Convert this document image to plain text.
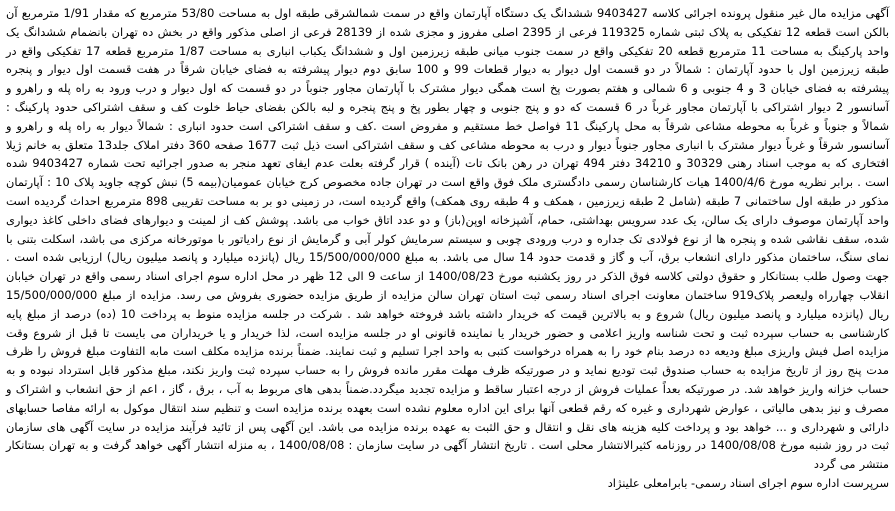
آگهی مزایده مال غیر منقول پرونده اجرائی کلاسه 9403427 ششدانگ یک دستگاه آپارتمان واقع در سمت شمالشرقی طبقه اول به مساحت 53/80 مترمربع که مقدار 1/91 مترمربع آن بالکن است قطعه 12 تفکیکی به پلاک ثبتی شماره 119325 فرعی از 2395 اصلی مفروز و مجزی شده از 28139 فرعی از اصلی مذکور واقع در بخش ده تهران بانضمام ششدانگ یک واحد پارکینگ به مساحت 11 مترمربع قطعه 20 تفکیکی واقع در سمت جنوب میانی طبقه زیرزمین اول و ششدانگ یکباب انباری به مساحت 1/87 مترمربع قطعه 17 تفکیکی واقع در طبقه زیرزمین اول با حدود آپارتمان : شمالاً در دو قسمت اول دیوار به دیوار قطعات 99 و 100 سابق دوم دیوار پیشرفته به فضای خیابان شرقاً در هفت قسمت اول دیوار و پنجره پیشرفته به فضای خیابان 3 و 4 جنوبی و 6 شمالی و هفتم بصورت پخ است همگی دیوار مشترک با آپارتمان مجاور جنوباً در دو قسمت که اول دیوار و درب ورود به راه پله و راهرو و آسانسور 2 دیوار اشتراکی با آپارتمان مجاور غرباً در 6 قسمت که دو و پنج جنوبی و چهار بطور پخ و پنج پنجره و لبه بالکن بفضای حیاط خلوت کف و سقف اشتراکی حدود پارکینگ : شمالاً و جنوباً و غرباً به محوطه مشاعی شرقاً به محل پارکینگ 11 فواصل خط مستقیم و مفروض است .کف و سقف اشتراکی است حدود انباری : شمالاً دیوار به راه پله و راهرو و آسانسور شرقاً و غرباً دیوار مشترک با انباری مجاور جنوباً دیوار و درب به محوطه مشاعی کف و سقف اشتراکی است ذیل ثبت 1677 صفحه 360 دفتر املاک جلد13 متعلق به خانم ژیلا افتخاری که به موجب اسناد رهنی 30329 و 34210 دفتر 494 تهران در رهن بانک تات (آینده ) قرار گرفته بعلت عدم ایفای تعهد منجر به صدور اجرائیه تحت شماره 9403427 شده است . برابر نظریه مورخ 1400/4/6 هیات کارشناسان رسمی دادگستری ملک فوق واقع است در تهران جاده مخصوص کرج خیابان عمومیان(بیمه 5) نبش کوچه جاوید پلاک 10 : آپارتمان مذکور در طبقه اول ساختمانی 7 طبقه (شامل 2 طبقه زیرزمین ، همکف و 4 طبقه روی همکف) واقع گردیده است، در زمینی دو بر به مساحت تقریبی 898 مترمربع احداث گردیده است واحد آپارتمان موصوف دارای یک سالن، یک عدد سرویس بهداشتی، حمام، آشپزخانه اوپن(باز) و دو عدد اتاق خواب می باشد. پوشش کف از لمینت و دیوارهای فضای داخلی کاغذ دیواری شده، سقف نقاشی شده و پنجره ها از نوع فولادی تک جداره و درب ورودی چوبی و سیستم سرمایش کولر آبی و گرمایش از نوع رادیاتور با موتورخانه مرکزی می باشد، اسکلت بتنی با نمای سنگ، ساختمان مذکور دارای انشعاب برق، آب و گاز و قدمت حدود 14 سال می باشد. به مبلغ 15/500/000/000 ریال (پانزده میلیارد و پانصد میلیون ریال) ارزیابی شده است . جهت وصول طلب بستانکار و حقوق دولتی کلاسه فوق الذکر در روز یکشنبه مورخ 1400/08/23 از ساعت 9 الی 12 ظهر در محل اداره سوم اجرای اسناد رسمی واقع در تهران خیابان انقلاب چهارراه ولیعصر پلاک919 ساختمان معاونت اجرای اسناد رسمی ثبت استان تهران سالن مزایده از طریق مزایده حضوری بفروش می رسد. مزایده از مبلغ 15/500/000/000 ریال (پانزده میلیارد و پانصد میلیون ریال) شروع و به بالاترین قیمت که خریدار داشته باشد فروخته خواهد شد . شرکت در جلسه مزایده منوط به پرداخت 10 (ده) درصد از مبلغ پایه کارشناسی به حساب سپرده ثبت و تحت شناسه واریز اعلامی و حضور خریدار یا نماینده قانونی او در جلسه مزایده است، لذا خریدار و یا خریداران می بایست تا قبل از شروع وقت مزایده اصل فیش واریزی مبلغ ودیعه ده درصد بنام خود را به همراه درخواست کتبی به واحد اجرا تسلیم و ثبت نمایند. ضمناً برنده مزایده مکلف است مابه التفاوت مبلغ فروش را ظرف مدت پنج روز از تاریخ مزایده به حساب صندوق ثبت تودیع نماید و در صورتیکه ظرف مهلت مقرر مانده فروش را به حساب سپرده ثبت واریز نکند، مبلغ مذکور قابل استرداد نبوده و به حساب خزانه واریز خواهد شد. در صورتیکه بعداً عملیات فروش از درجه اعتبار ساقط و مزایده تجدید میگردد.ضمناً بدهی های مربوط به آب ، برق ، گاز ، اعم از حق انشعاب و اشتراک و مصرف و نیز بدهی مالیاتی ، عوارض شهرداری و غیره که رقم قطعی آنها برای این اداره معلوم نشده است بعهده برنده مزایده است و تنظیم سند انتقال موکول به ارائه مفاصا حسابهای دارائی و شهرداری و ... خواهد بود و پرداخت کلیه هزینه های نقل و انتقال و حق الثبت به عهده برنده مزایده می باشد. این آگهی پس از تائید فرآیند مزایده در سایت آگهی های سازمان ثبت در روز شنبه مورخ 1400/08/08 در روزنامه کثیرالانتشار محلی است . تاریخ انتشار آگهی در سایت سازمان : 1400/08/08 ، به منزله انتشار آگهی خواهد گرفت و به تهران بستانکار منتشر می گردد

سرپرست اداره سوم اجرای اسناد رسمی- بابرامعلی علینژاد
